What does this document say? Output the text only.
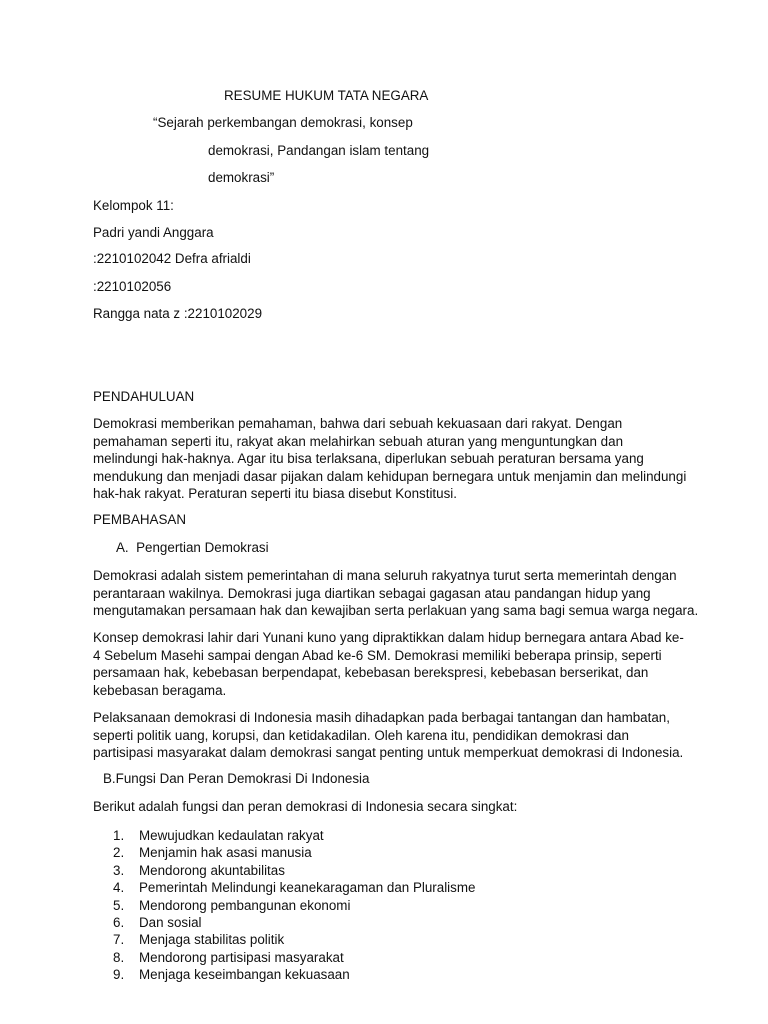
RESUME HUKUM TATA NEGARA
“Sejarah perkembangan demokrasi, konsep
demokrasi, Pandangan islam tentang
demokrasi”
Kelompok 11:
Padri yandi Anggara
:2210102042 Defra afrialdi
:2210102056
Rangga nata z :2210102029
PENDAHULUAN
Demokrasi memberikan pemahaman, bahwa dari sebuah kekuasaan dari rakyat. Dengan
pemahaman seperti itu, rakyat akan melahirkan sebuah aturan yang menguntungkan dan
melindungi hak-haknya. Agar itu bisa terlaksana, diperlukan sebuah peraturan bersama yang
mendukung dan menjadi dasar pijakan dalam kehidupan bernegara untuk menjamin dan melindungi
hak-hak rakyat. Peraturan seperti itu biasa disebut Konstitusi.
PEMBAHASAN
A.  Pengertian Demokrasi
Demokrasi adalah sistem pemerintahan di mana seluruh rakyatnya turut serta memerintah dengan
perantaraan wakilnya. Demokrasi juga diartikan sebagai gagasan atau pandangan hidup yang
mengutamakan persamaan hak dan kewajiban serta perlakuan yang sama bagi semua warga negara.
Konsep demokrasi lahir dari Yunani kuno yang dipraktikkan dalam hidup bernegara antara Abad ke-
4 Sebelum Masehi sampai dengan Abad ke-6 SM. Demokrasi memiliki beberapa prinsip, seperti
persamaan hak, kebebasan berpendapat, kebebasan berekspresi, kebebasan berserikat, dan
kebebasan beragama.
Pelaksanaan demokrasi di Indonesia masih dihadapkan pada berbagai tantangan dan hambatan,
seperti politik uang, korupsi, dan ketidakadilan. Oleh karena itu, pendidikan demokrasi dan
partisipasi masyarakat dalam demokrasi sangat penting untuk memperkuat demokrasi di Indonesia.
B.Fungsi Dan Peran Demokrasi Di Indonesia
Berikut adalah fungsi dan peran demokrasi di Indonesia secara singkat:
1. Mewujudkan kedaulatan rakyat
2. Menjamin hak asasi manusia
3. Mendorong akuntabilitas
4. Pemerintah Melindungi keanekaragaman dan Pluralisme
5. Mendorong pembangunan ekonomi
6. Dan sosial
7. Menjaga stabilitas politik
8. Mendorong partisipasi masyarakat
9. Menjaga keseimbangan kekuasaan
